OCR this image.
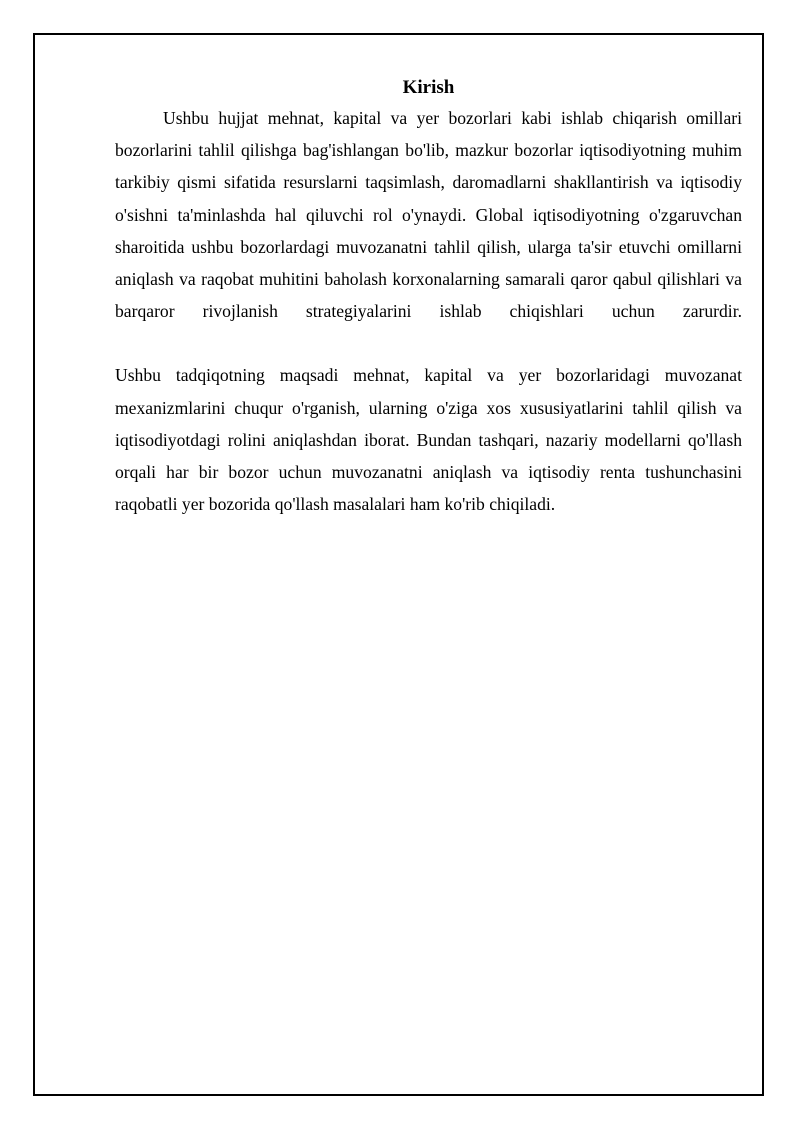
Kirish

Ushbu hujjat mehnat, kapital va yer bozorlari kabi ishlab chiqarish omillari bozorlarini tahlil qilishga bag'ishlangan bo'lib, mazkur bozorlar iqtisodiyotning muhim tarkibiy qismi sifatida resurslarni taqsimlash, daromadlarni shakllantirish va iqtisodiy o'sishni ta'minlashda hal qiluvchi rol o'ynaydi. Global iqtisodiyotning o'zgaruvchan sharoitida ushbu bozorlardagi muvozanatni tahlil qilish, ularga ta'sir etuvchi omillarni aniqlash va raqobat muhitini baholash korxonalarning samarali qaror qabul qilishlari va barqaror rivojlanish strategiyalarini ishlab chiqishlari uchun zarurdir.

Ushbu tadqiqotning maqsadi mehnat, kapital va yer bozorlaridagi muvozanat mexanizmlarini chuqur o'rganish, ularning o'ziga xos xususiyatlarini tahlil qilish va iqtisodiyotdagi rolini aniqlashdan iborat. Bundan tashqari, nazariy modellarni qo'llash orqali har bir bozor uchun muvozanatni aniqlash va iqtisodiy renta tushunchasini raqobatli yer bozorida qo'llash masalalari ham ko'rib chiqiladi.
